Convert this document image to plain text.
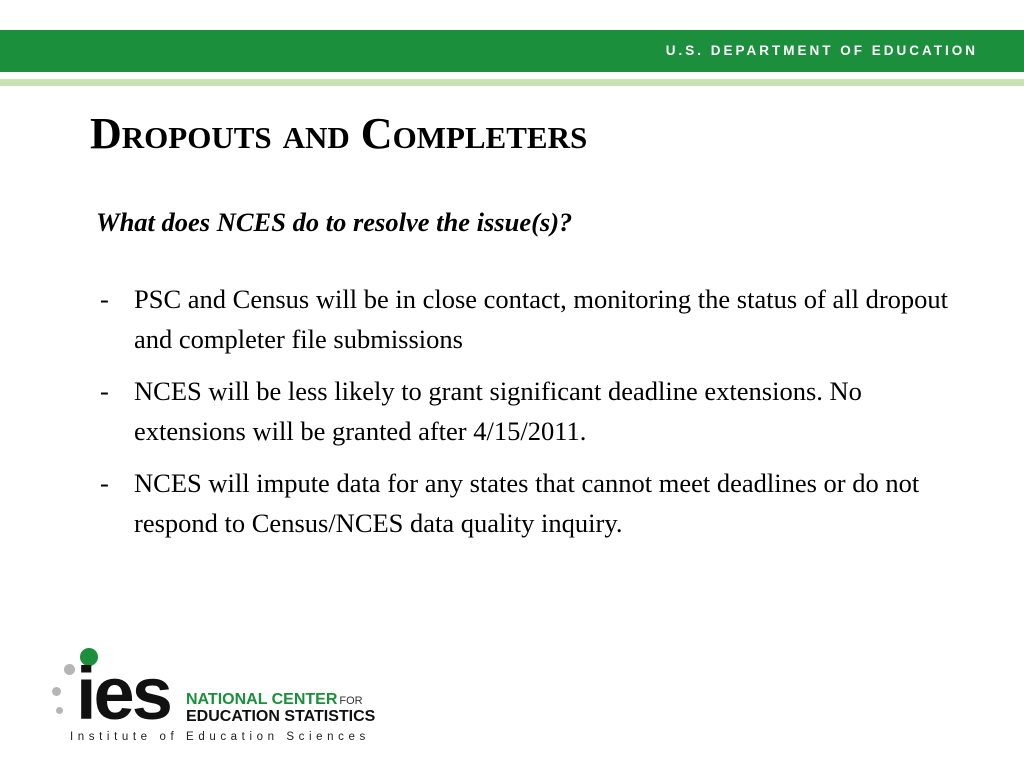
U.S. DEPARTMENT OF EDUCATION
Dropouts and Completers

What does NCES do to resolve the issue(s)?

- PSC and Census will be in close contact, monitoring the status of all dropout and completer file submissions
- NCES will be less likely to grant significant deadline extensions. No extensions will be granted after 4/15/2011.
- NCES will impute data for any states that cannot meet deadlines or do not respond to Census/NCES data quality inquiry.
ies NATIONAL CENTER FOR
EDUCATION STATISTICS
Institute of Education Sciences
